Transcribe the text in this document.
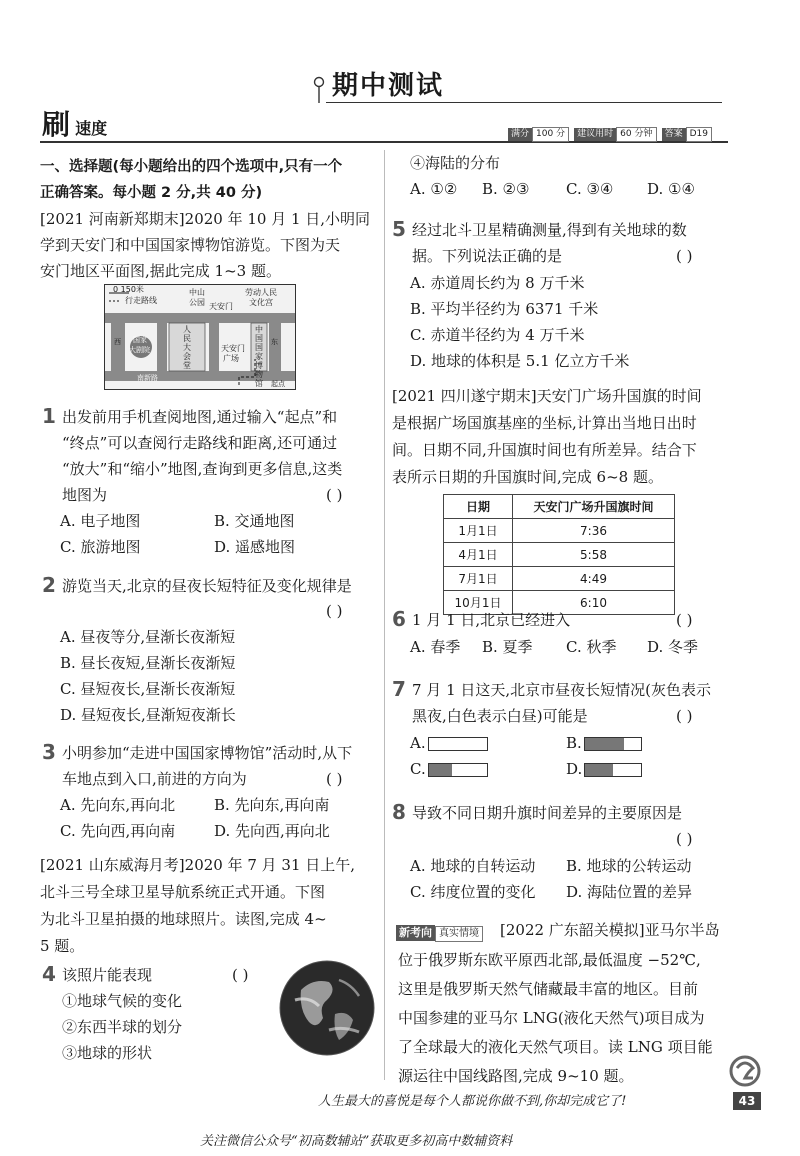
期中测试
刷 速度	满分 100 分 建议用时 60 分钟 答案 D19
一、选择题(每小题给出的四个选项中,只有一个
正确答案。每小题 2 分,共 40 分)
[2021 河南新郑期末]2020 年 10 月 1 日,小明同
学到天安门和中国国家博物馆游览。下图为天
安门地区平面图,据此完成 1~3 题。
0 150米
行走路线
中山
公园 天安门
劳动人民
文化宫
国家
大剧院
人民大会堂
天安门
广场
中国国家博物馆
西	东
南新路
起点
1 出发前用手机查阅地图,通过输入“起点”和
“终点”可以查阅行走路线和距离,还可通过
“放大”和“缩小”地图,查询到更多信息,这类
地图为	( )
A. 电子地图	B. 交通地图
C. 旅游地图	D. 遥感地图
2 游览当天,北京的昼夜长短特征及变化规律是
( )
A. 昼夜等分,昼渐长夜渐短
B. 昼长夜短,昼渐长夜渐短
C. 昼短夜长,昼渐长夜渐短
D. 昼短夜长,昼渐短夜渐长
3 小明参加“走进中国国家博物馆”活动时,从下
车地点到入口,前进的方向为	( )
A. 先向东,再向北	B. 先向东,再向南
C. 先向西,再向南	D. 先向西,再向北
[2021 山东威海月考]2020 年 7 月 31 日上午,
北斗三号全球卫星导航系统正式开通。下图
为北斗卫星拍摄的地球照片。读图,完成 4~
5 题。
4 该照片能表现	( )
①地球气候的变化
②东西半球的划分
③地球的形状
④海陆的分布
A. ①② B. ②③ C. ③④ D. ①④
5 经过北斗卫星精确测量,得到有关地球的数
据。下列说法正确的是	( )
A. 赤道周长约为 8 万千米
B. 平均半径约为 6371 千米
C. 赤道半径约为 4 万千米
D. 地球的体积是 5.1 亿立方千米
[2021 四川遂宁期末]天安门广场升国旗的时间
是根据广场国旗基座的坐标,计算出当地日出时
间。日期不同,升国旗时间也有所差异。结合下
表所示日期的升国旗时间,完成 6~8 题。
日期	天安门广场升国旗时间
1月1日	7:36
4月1日	5:58
7月1日	4:49
10月1日	6:10
6 1 月 1 日,北京已经进入	( )
A. 春季 B. 夏季 C. 秋季 D. 冬季
7 7 月 1 日这天,北京市昼夜长短情况(灰色表示
黑夜,白色表示白昼)可能是	( )
A.	B.
C.	D.
8 导致不同日期升旗时间差异的主要原因是
( )
A. 地球的自转运动 B. 地球的公转运动
C. 纬度位置的变化 D. 海陆位置的差异
新考向 真实情境 [2022 广东韶关模拟]亚马尔半岛
位于俄罗斯东欧平原西北部,最低温度 −52℃,
这里是俄罗斯天然气储藏最丰富的地区。目前
中国参建的亚马尔 LNG(液化天然气)项目成为
了全球最大的液化天然气项目。读 LNG 项目能
源运往中国线路图,完成 9~10 题。
人生最大的喜悦是每个人都说你做不到,你却完成它了!	43
关注微信公众号“初高数辅站”获取更多初高中数辅资料
